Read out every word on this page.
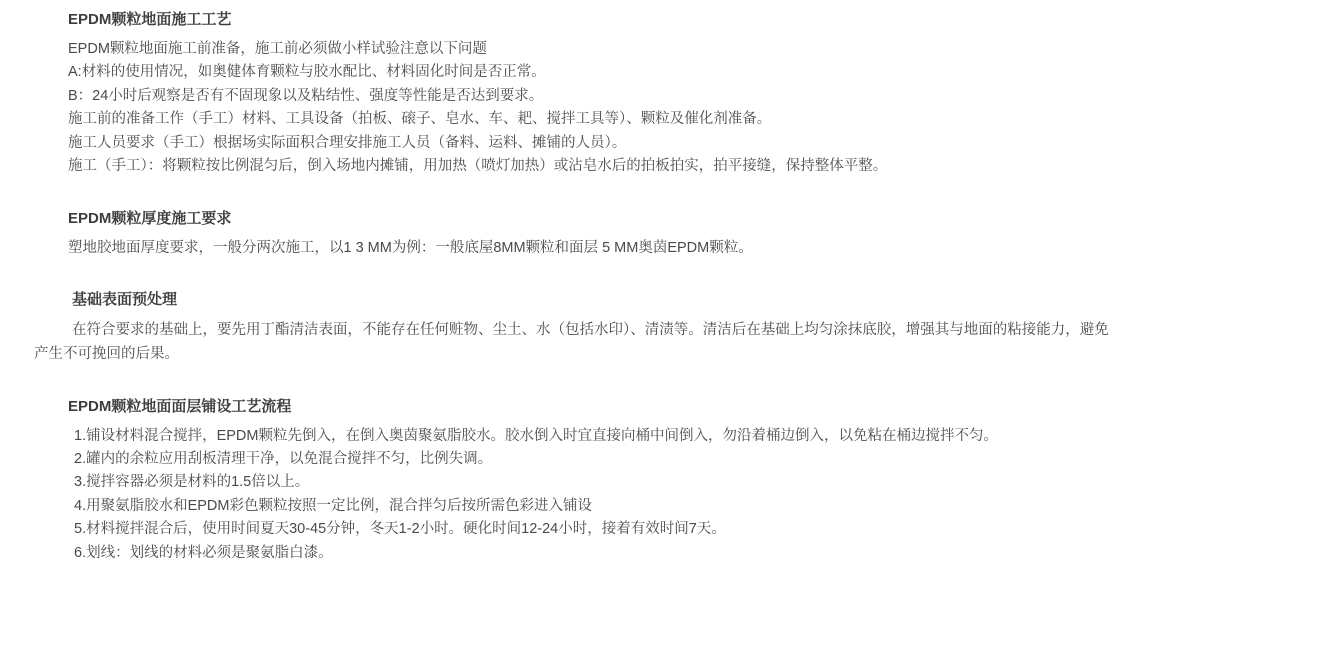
EPDM颗粒地面施工工艺

EPDM颗粒地面施工前准备，施工前必须做小样试验注意以下问题

A:材料的使用情况，如奥健体育颗粒与胶水配比、材料固化时间是否正常。

B：24小时后观察是否有不固现象以及粘结性、强度等性能是否达到要求。

施工前的准备工作（手工）材料、工具设备（拍板、磙子、皂水、车、耙、搅拌工具等）、颗粒及催化剂准备。

施工人员要求（手工）根据场实际面积合理安排施工人员（备料、运料、摊铺的人员）。

施工（手工）：将颗粒按比例混匀后，倒入场地内摊铺，用加热（喷灯加热）或沾皂水后的拍板拍实，拍平接缝，保持整体平整。

EPDM颗粒厚度施工要求

塑地胶地面厚度要求，一般分两次施工，以1 3 MM为例：一般底屋8MM颗粒和面层 5 MM奥茵EPDM颗粒。

基础表面预处理

在符合要求的基础上，要先用丁酯清洁表面，不能存在任何赃物、尘土、水（包括水印）、清渍等。清洁后在基础上均匀涂抹底胶，增强其与地面的粘接能力，避免

产生不可挽回的后果。

EPDM颗粒地面面层铺设工艺流程

1.铺设材料混合搅拌，EPDM颗粒先倒入，在倒入奥茵聚氨脂胶水。胶水倒入时宜直接向桶中间倒入，勿沿着桶边倒入，以免粘在桶边搅拌不匀。

2.罐内的余粒应用刮板清理干净，以免混合搅拌不匀，比例失调。

3.搅拌容器必须是材料的1.5倍以上。

4.用聚氨脂胶水和EPDM彩色颗粒按照一定比例，混合拌匀后按所需色彩进入铺设

5.材料搅拌混合后，使用时间夏天30-45分钟，冬天1-2小时。硬化时间12-24小时，接着有效时间7天。

6.划线：划线的材料必须是聚氨脂白漆。
